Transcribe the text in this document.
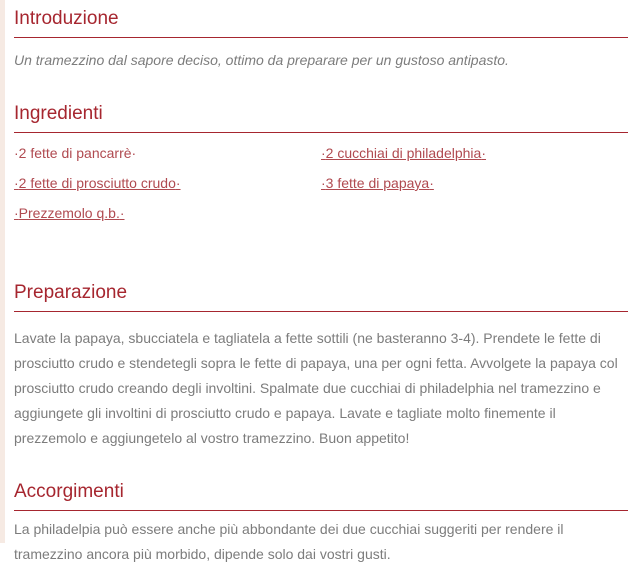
Introduzione

Un tramezzino dal sapore deciso, ottimo da preparare per un gustoso antipasto.

Ingredienti
·2 fette di pancarrè·
·2 fette di prosciutto crudo·
·Prezzemolo q.b.·
·2 cucchiai di philadelphia·
·3 fette di papaya·
Preparazione

Lavate la papaya, sbucciatela e tagliatela a fette sottili (ne basteranno 3-4). Prendete le fette di prosciutto crudo e stendetegli sopra le fette di papaya, una per ogni fetta. Avvolgete la papaya col prosciutto crudo creando degli involtini. Spalmate due cucchiai di philadelphia nel tramezzino e aggiungete gli involtini di prosciutto crudo e papaya. Lavate e tagliate molto finemente il prezzemolo e aggiungetelo al vostro tramezzino. Buon appetito!

Accorgimenti

La philadelpia può essere anche più abbondante dei due cucchiai suggeriti per rendere il tramezzino ancora più morbido, dipende solo dai vostri gusti.
